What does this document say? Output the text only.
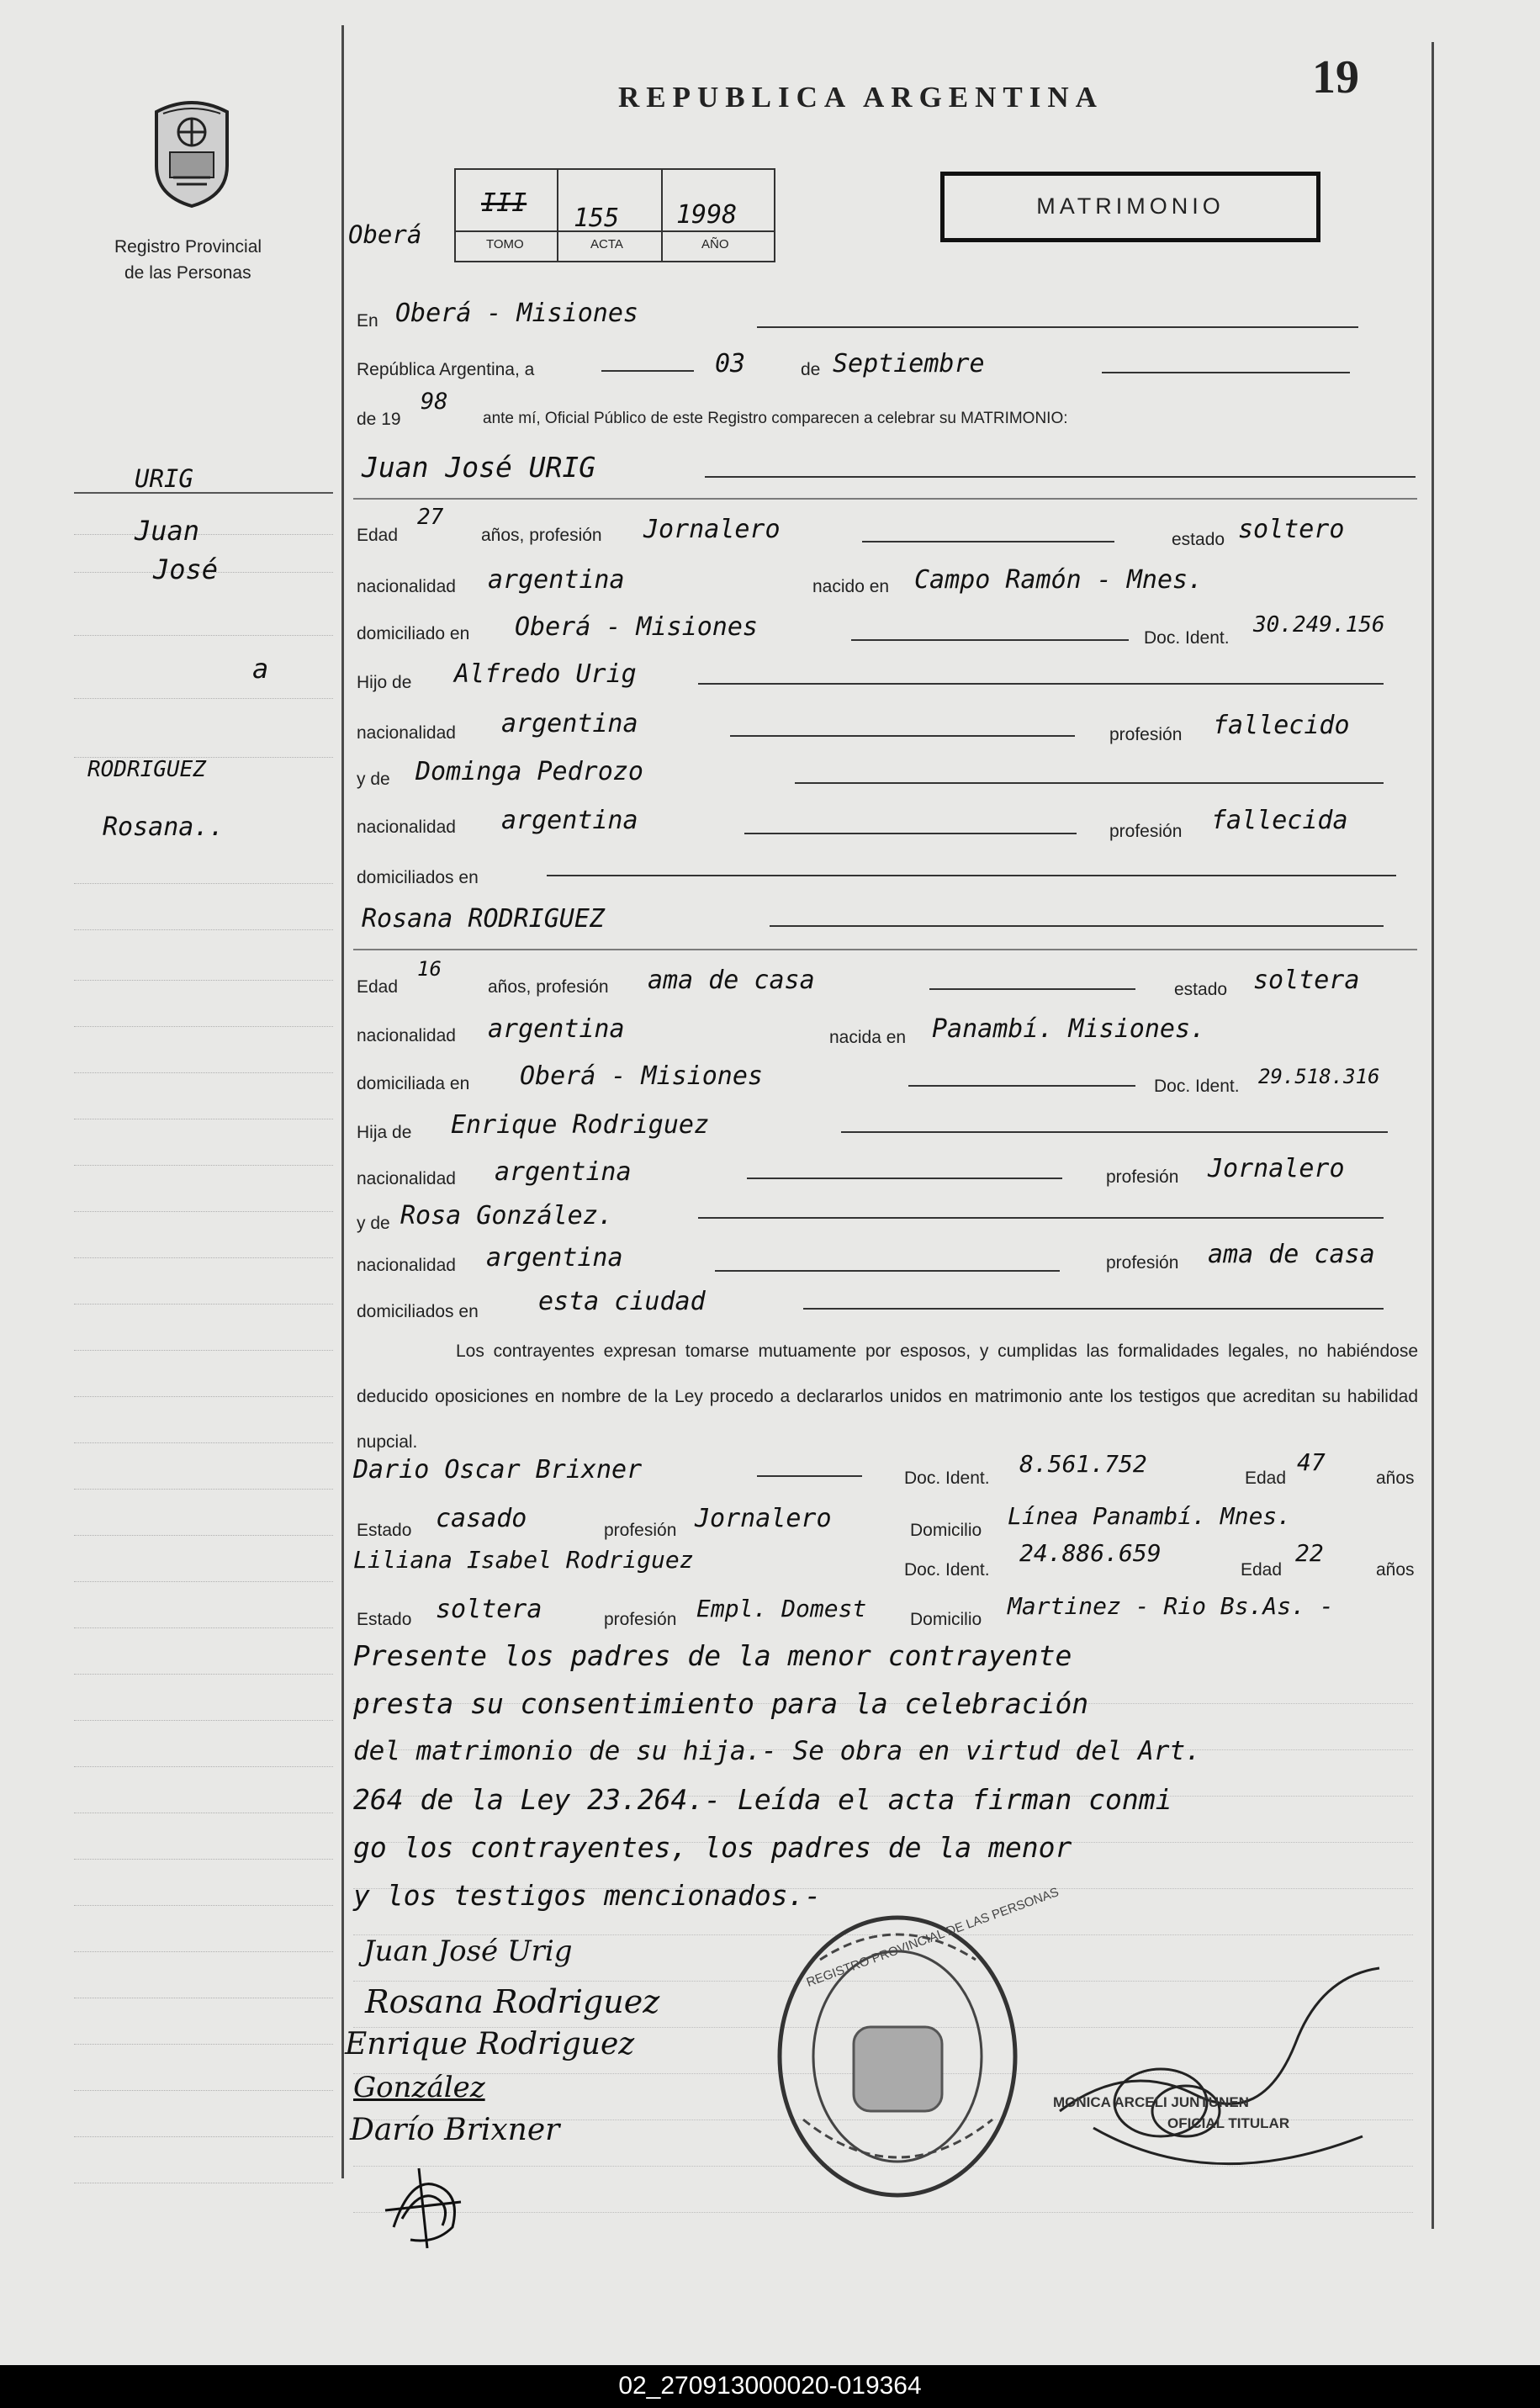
Registro Provincial
de las Personas
REPUBLICA ARGENTINA	19
MATRIMONIO
Oberá
III
155 1998
TOMO	ACTA	AÑO
URIG
Juan
José
a
RODRIGUEZ
Rosana..
En Oberá - Misiones
República Argentina, a	03	de Septiembre
de 19
98
ante mí, Oficial Público de este Registro comparecen a celebrar su MATRIMONIO:
Juan José URIG
Edad
27
años, profesión Jornalero	estado soltero
nacionalidad argentina	nacido en Campo Ramón - Mnes.
domiciliado en Oberá - Misiones	Doc. Ident.
30.249.156
Hijo de Alfredo Urig
nacionalidad argentina	profesión fallecido
y de Dominga Pedrozo
nacionalidad argentina	profesión fallecida
domiciliados en
Rosana RODRIGUEZ
Edad
16
años, profesión ama de casa	estado soltera
nacionalidad argentina	nacida en Panambí. Misiones.
domiciliada en Oberá - Misiones	Doc. Ident. 29.518.316
Hija de Enrique Rodriguez
nacionalidad argentina	profesión Jornalero
y de Rosa González.
nacionalidad argentina	profesión ama de casa
domiciliados en esta ciudad
Los contrayentes expresan tomarse mutuamente por esposos, y cumplidas las formalidades legales, no habiéndose deducido oposiciones en nombre de la Ley procedo a declararlos unidos en matrimonio ante los testigos que acreditan su habilidad nupcial.
Dario Oscar Brixner	Doc. Ident.
8.561.752
Edad
47
años
Estado casado	profesión Jornalero	Domicilio
Línea Panambí. Mnes.
Liliana Isabel Rodriguez	Doc. Ident.
24.886.659
Edad
22
años
Estado soltera	profesión Empl. Domest Domicilio Martinez - Rio Bs.As. -
Presente los padres de la menor contrayente
presta su consentimiento para la celebración
del matrimonio de su hija.- Se obra en virtud del Art.
264 de la Ley 23.264.- Leída el acta firman conmi
go los contrayentes, los padres de la menor
y los testigos mencionados.-
Juan José Urig
Rosana Rodriguez
Enrique Rodriguez
González
Darío Brixner
REGISTRO PROVINCIAL DE LAS PERSONAS
MONICA ARCELI JUNTUNEN
OFICIAL TITULAR
02_270913000020-019364
